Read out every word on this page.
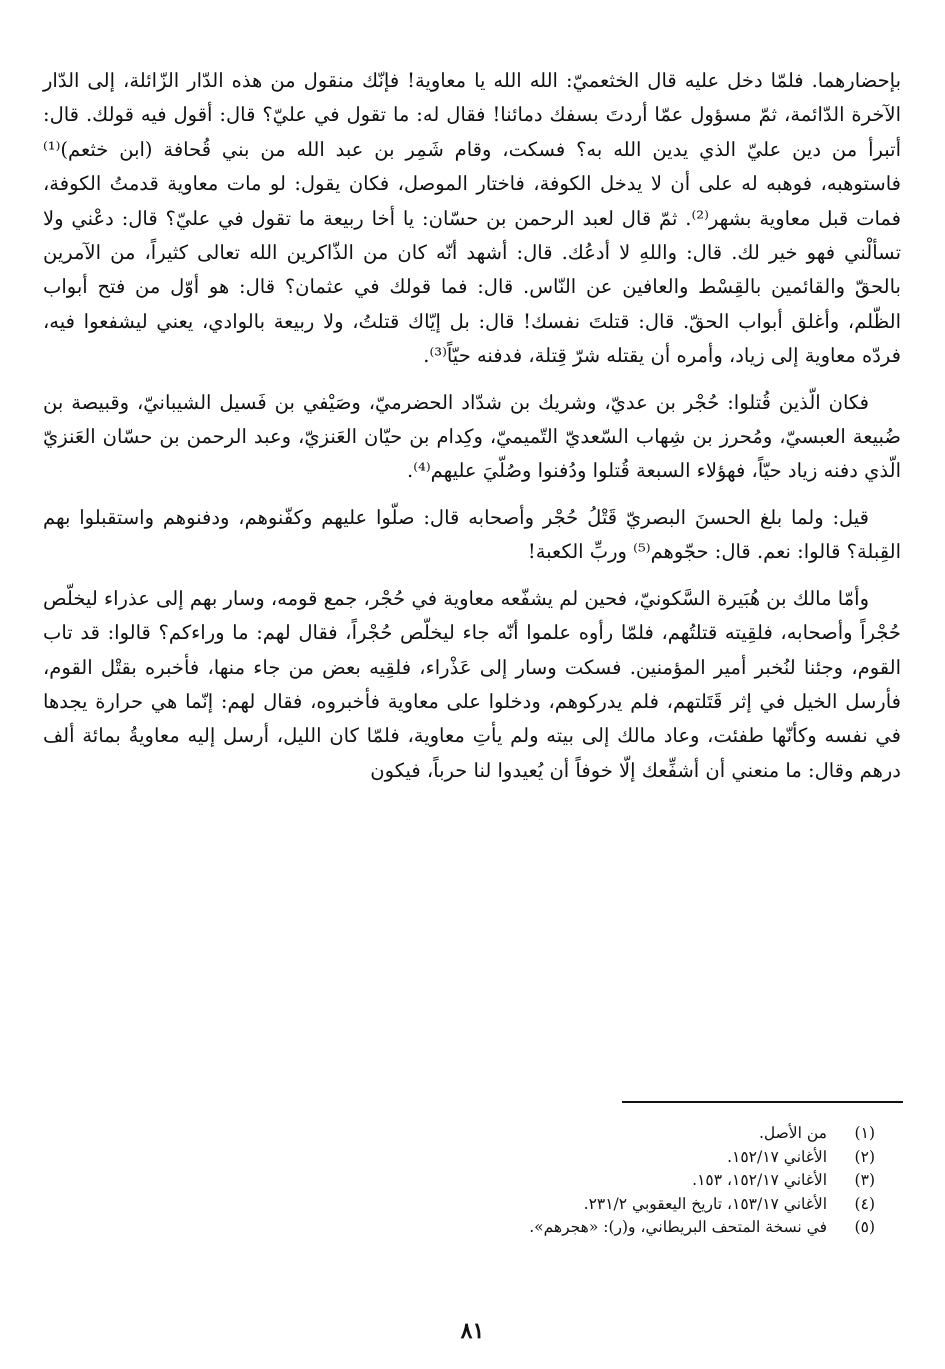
بإحضارهما. فلمّا دخل عليه قال الخثعميّ: الله الله يا معاوية! فإنّك منقول من هذه الدّار الزّائلة، إلى الدّار الآخرة الدّائمة، ثمّ مسؤول عمّا أردتَ بسفك دمائنا! فقال له: ما تقول في عليّ؟ قال: أقول فيه قولك. قال: أتبرأ من دين عليّ الذي يدين الله به؟ فسكت، وقام شَمِر بن عبد الله من بني قُحافة (ابن خثعم)⁽¹⁾ فاستوهبه، فوهبه له على أن لا يدخل الكوفة، فاختار الموصل، فكان يقول: لو مات معاوية قدمتُ الكوفة، فمات قبل معاوية بشهر⁽²⁾. ثمّ قال لعبد الرحمن بن حسّان: يا أخا ربيعة ما تقول في عليّ؟ قال: دعْني ولا تسألْني فهو خير لك. قال: واللهِ لا أدعُك. قال: أشهد أنّه كان من الذّاكرين الله تعالى كثيراً، من الآمرين بالحقّ والقائمين بالقِسْط والعافين عن النّاس. قال: فما قولك في عثمان؟ قال: هو أوّل من فتح أبواب الظّلم، وأغلق أبواب الحقّ. قال: قتلتَ نفسك! قال: بل إيّاك قتلتُ، ولا ربيعة بالوادي، يعني ليشفعوا فيه، فردّه معاوية إلى زياد، وأمره أن يقتله شرّ قِتلة، فدفنه حيّاً⁽³⁾.

فكان الّذين قُتلوا: حُجْر بن عديّ، وشريك بن شدّاد الحضرميّ، وصَيْفي بن فَسيل الشيبانيّ، وقبيصة بن ضُبيعة العبسيّ، ومُحرز بن شِهاب السّعديّ التّميميّ، وكِدام بن حيّان العَنزيّ، وعبد الرحمن بن حسّان العَنزيّ الّذي دفنه زياد حيّاً، فهؤلاء السبعة قُتلوا ودُفنوا وصُلّيَ عليهم⁽⁴⁾.

قيل: ولما بلغ الحسنَ البصريّ قَتْلُ حُجْر وأصحابه قال: صلّوا عليهم وكفّنوهم، ودفنوهم واستقبلوا بهم القِبلة؟ قالوا: نعم. قال: حجّوهم⁽⁵⁾ وربِّ الكعبة!

وأمّا مالك بن هُبَيرة السَّكونيّ، فحين لم يشفّعه معاوية في حُجْر، جمع قومه، وسار بهم إلى عذراء ليخلّص حُجْراً وأصحابه، فلقِيته قتلتُهم، فلمّا رأوه علموا أنّه جاء ليخلّص حُجْراً، فقال لهم: ما وراءكم؟ قالوا: قد تاب القوم، وجئنا لنُخبر أمير المؤمنين. فسكت وسار إلى عَذْراء، فلقِيه بعض من جاء منها، فأخبره بقتْل القوم، فأرسل الخيل في إثر قَتَلتهم، فلم يدركوهم، ودخلوا على معاوية فأخبروه، فقال لهم: إنّما هي حرارة يجدها في نفسه وكأنّها طفئت، وعاد مالك إلى بيته ولم يأتِ معاوية، فلمّا كان الليل، أرسل إليه معاويةُ بمائة ألف درهم وقال: ما منعني أن أشفِّعك إلّا خوفاً أن يُعيدوا لنا حرباً، فيكون

(١)
من الأصل.
(٢)
الأغاني ١٥٢/١٧.
(٣)
الأغاني ١٥٢/١٧، ١٥٣.
(٤)
الأغاني ١٥٣/١٧، تاريخ اليعقوبي ٢٣١/٢.
(٥)
في نسخة المتحف البريطاني، و(ر): «هجرهم».
٨١
